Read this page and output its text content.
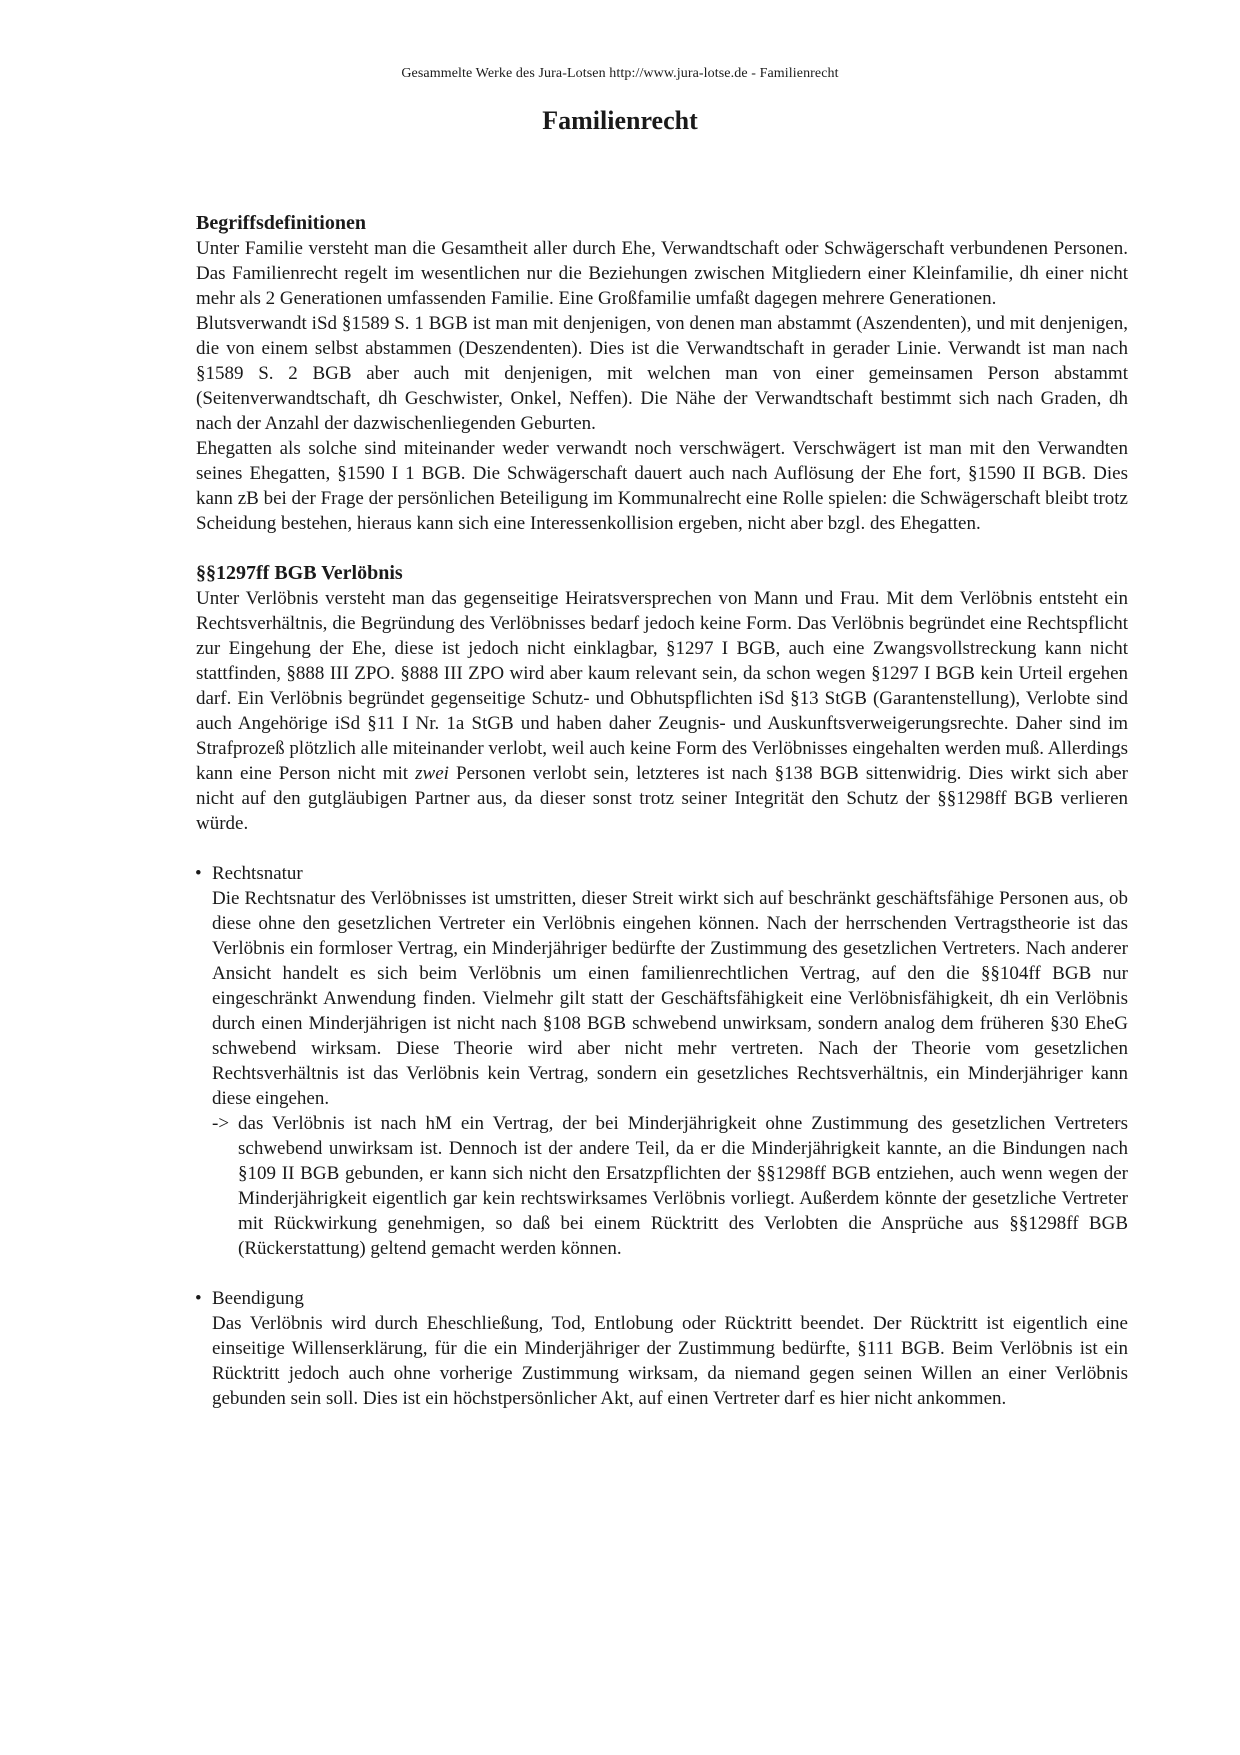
Gesammelte Werke des Jura-Lotsen http://www.jura-lotse.de - Familienrecht
Familienrecht
Begriffsdefinitionen

Unter Familie versteht man die Gesamtheit aller durch Ehe, Verwandtschaft oder Schwägerschaft verbundenen Personen. Das Familienrecht regelt im wesentlichen nur die Beziehungen zwischen Mitgliedern einer Kleinfamilie, dh einer nicht mehr als 2 Generationen umfassenden Familie. Eine Großfamilie umfaßt dagegen mehrere Generationen.

Blutsverwandt iSd §1589 S. 1 BGB ist man mit denjenigen, von denen man abstammt (Aszendenten), und mit denjenigen, die von einem selbst abstammen (Deszendenten). Dies ist die Verwandtschaft in gerader Linie. Verwandt ist man nach §1589 S. 2 BGB aber auch mit denjenigen, mit welchen man von einer gemeinsamen Person abstammt (Seitenverwandtschaft, dh Geschwister, Onkel, Neffen). Die Nähe der Verwandtschaft bestimmt sich nach Graden, dh nach der Anzahl der dazwischenliegenden Geburten.

Ehegatten als solche sind miteinander weder verwandt noch verschwägert. Verschwägert ist man mit den Verwandten seines Ehegatten, §1590 I 1 BGB. Die Schwägerschaft dauert auch nach Auflösung der Ehe fort, §1590 II BGB. Dies kann zB bei der Frage der persönlichen Beteiligung im Kommunalrecht eine Rolle spielen: die Schwägerschaft bleibt trotz Scheidung bestehen, hieraus kann sich eine Interessenkollision ergeben, nicht aber bzgl. des Ehegatten.

§§1297ff BGB Verlöbnis

Unter Verlöbnis versteht man das gegenseitige Heiratsversprechen von Mann und Frau. Mit dem Verlöbnis entsteht ein Rechtsverhältnis, die Begründung des Verlöbnisses bedarf jedoch keine Form. Das Verlöbnis begründet eine Rechtspflicht zur Eingehung der Ehe, diese ist jedoch nicht einklagbar, §1297 I BGB, auch eine Zwangsvollstreckung kann nicht stattfinden, §888 III ZPO. §888 III ZPO wird aber kaum relevant sein, da schon wegen §1297 I BGB kein Urteil ergehen darf. Ein Verlöbnis begründet gegenseitige Schutz- und Obhutspflichten iSd §13 StGB (Garantenstellung), Verlobte sind auch Angehörige iSd §11 I Nr. 1a StGB und haben daher Zeugnis- und Auskunftsverweigerungsrechte. Daher sind im Strafprozeß plötzlich alle miteinander verlobt, weil auch keine Form des Verlöbnisses eingehalten werden muß. Allerdings kann eine Person nicht mit zwei Personen verlobt sein, letzteres ist nach §138 BGB sittenwidrig. Dies wirkt sich aber nicht auf den gutgläubigen Partner aus, da dieser sonst trotz seiner Integrität den Schutz der §§1298ff BGB verlieren würde.

• Rechtsnatur

Die Rechtsnatur des Verlöbnisses ist umstritten, dieser Streit wirkt sich auf beschränkt geschäftsfähige Personen aus, ob diese ohne den gesetzlichen Vertreter ein Verlöbnis eingehen können. Nach der herrschenden Vertragstheorie ist das Verlöbnis ein formloser Vertrag, ein Minderjähriger bedürfte der Zustimmung des gesetzlichen Vertreters. Nach anderer Ansicht handelt es sich beim Verlöbnis um einen familienrechtlichen Vertrag, auf den die §§104ff BGB nur eingeschränkt Anwendung finden. Vielmehr gilt statt der Geschäftsfähigkeit eine Verlöbnisfähigkeit, dh ein Verlöbnis durch einen Minderjährigen ist nicht nach §108 BGB schwebend unwirksam, sondern analog dem früheren §30 EheG schwebend wirksam. Diese Theorie wird aber nicht mehr vertreten. Nach der Theorie vom gesetzlichen Rechtsverhältnis ist das Verlöbnis kein Vertrag, sondern ein gesetzliches Rechtsverhältnis, ein Minderjähriger kann diese eingehen.

-> das Verlöbnis ist nach hM ein Vertrag, der bei Minderjährigkeit ohne Zustimmung des gesetzlichen Vertreters schwebend unwirksam ist. Dennoch ist der andere Teil, da er die Minderjährigkeit kannte, an die Bindungen nach §109 II BGB gebunden, er kann sich nicht den Ersatzpflichten der §§1298ff BGB entziehen, auch wenn wegen der Minderjährigkeit eigentlich gar kein rechtswirksames Verlöbnis vorliegt. Außerdem könnte der gesetzliche Vertreter mit Rückwirkung genehmigen, so daß bei einem Rücktritt des Verlobten die Ansprüche aus §§1298ff BGB (Rückerstattung) geltend gemacht werden können.

• Beendigung

Das Verlöbnis wird durch Eheschließung, Tod, Entlobung oder Rücktritt beendet. Der Rücktritt ist eigentlich eine einseitige Willenserklärung, für die ein Minderjähriger der Zustimmung bedürfte, §111 BGB. Beim Verlöbnis ist ein Rücktritt jedoch auch ohne vorherige Zustimmung wirksam, da niemand gegen seinen Willen an einer Verlöbnis gebunden sein soll. Dies ist ein höchstpersönlicher Akt, auf einen Vertreter darf es hier nicht ankommen.
